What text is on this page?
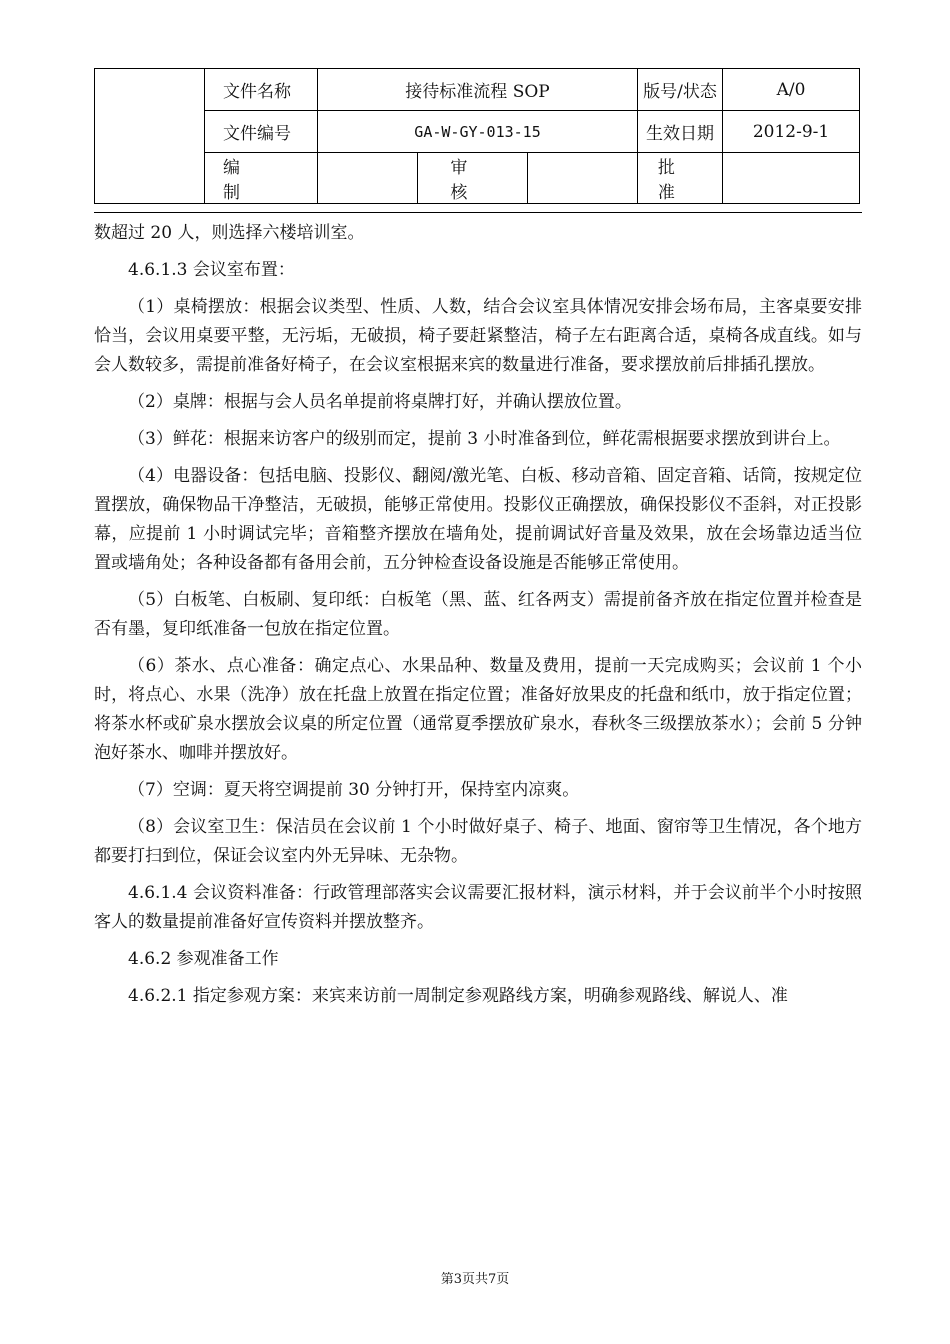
	文件名称	接待标准流程 SOP			版号/状态	A/0
	文件编号	GA-W-GY-013-15			生效日期	2012-9-1
	编 制		审 核		批 准	

数超过 20 人，则选择六楼培训室。

4.6.1.3 会议室布置：

（1）桌椅摆放：根据会议类型、性质、人数，结合会议室具体情况安排会场布局，主客桌要安排恰当，会议用桌要平整，无污垢，无破损，椅子要赶紧整洁，椅子左右距离合适，桌椅各成直线。如与会人数较多，需提前准备好椅子，在会议室根据来宾的数量进行准备，要求摆放前后排插孔摆放。

（2）桌牌：根据与会人员名单提前将桌牌打好，并确认摆放位置。

（3）鲜花：根据来访客户的级别而定，提前 3 小时准备到位，鲜花需根据要求摆放到讲台上。

（4）电器设备：包括电脑、投影仪、翻阅/激光笔、白板、移动音箱、固定音箱、话筒，按规定位置摆放，确保物品干净整洁，无破损，能够正常使用。投影仪正确摆放，确保投影仪不歪斜，对正投影幕，应提前 1 小时调试完毕；音箱整齐摆放在墙角处，提前调试好音量及效果，放在会场靠边适当位置或墙角处；各种设备都有备用会前，五分钟检查设备设施是否能够正常使用。

（5）白板笔、白板刷、复印纸：白板笔（黑、蓝、红各两支）需提前备齐放在指定位置并检查是否有墨，复印纸准备一包放在指定位置。

（6）茶水、点心准备：确定点心、水果品种、数量及费用，提前一天完成购买；会议前 1 个小时，将点心、水果（洗净）放在托盘上放置在指定位置；准备好放果皮的托盘和纸巾，放于指定位置；将茶水杯或矿泉水摆放会议桌的所定位置（通常夏季摆放矿泉水，春秋冬三级摆放茶水）；会前 5 分钟泡好茶水、咖啡并摆放好。

（7）空调：夏天将空调提前 30 分钟打开，保持室内凉爽。

（8）会议室卫生：保洁员在会议前 1 个小时做好桌子、椅子、地面、窗帘等卫生情况，各个地方都要打扫到位，保证会议室内外无异味、无杂物。

4.6.1.4 会议资料准备：行政管理部落实会议需要汇报材料，演示材料，并于会议前半个小时按照客人的数量提前准备好宣传资料并摆放整齐。

4.6.2 参观准备工作

4.6.2.1 指定参观方案：来宾来访前一周制定参观路线方案，明确参观路线、解说人、准

第3页共7页
